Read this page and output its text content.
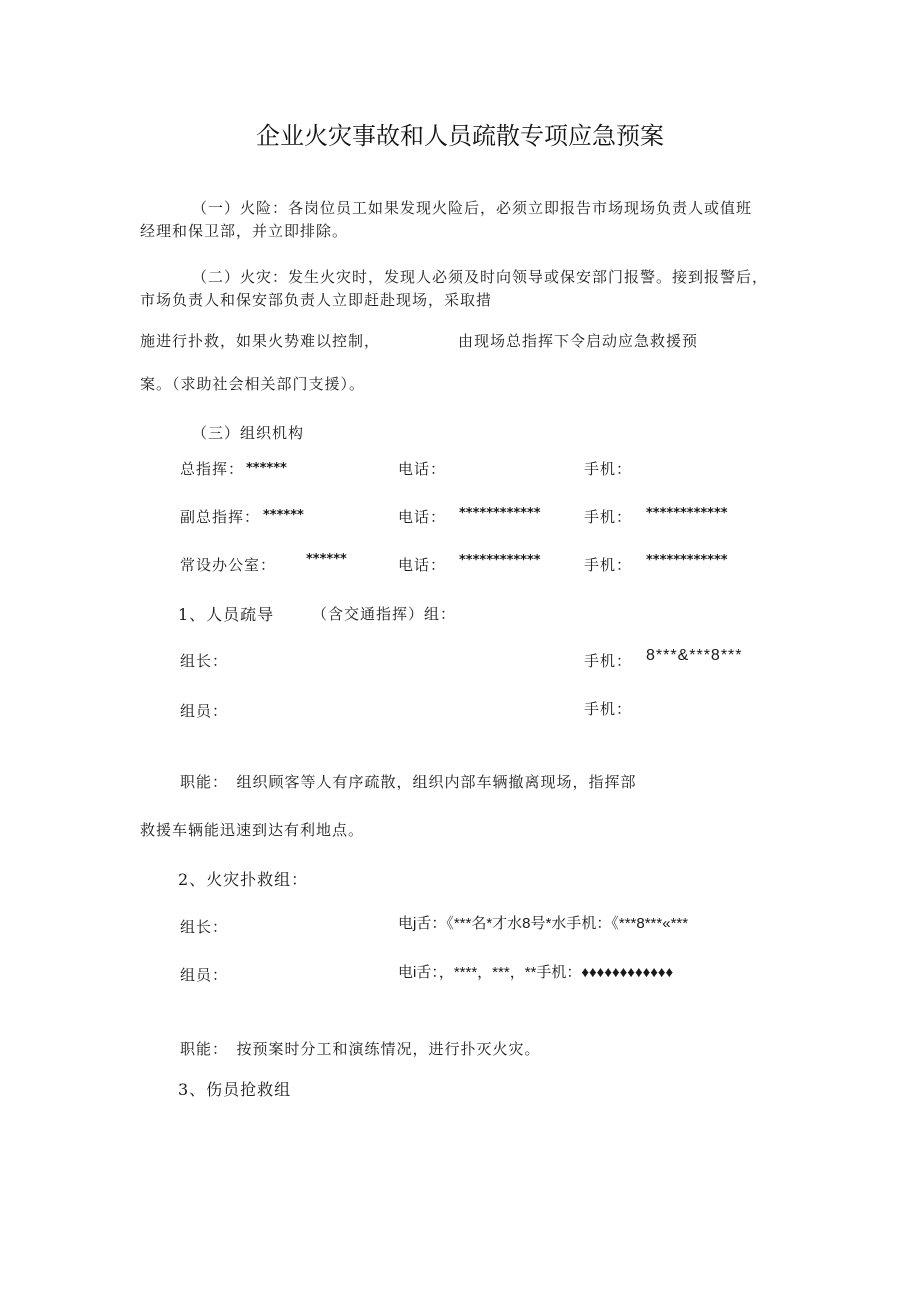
企业火灾事故和人员疏散专项应急预案
（一）火险：各岗位员工如果发现火险后，必须立即报告市场现场负责人或值班
经理和保卫部，并立即排除。
（二）火灾：发生火灾时，发现人必须及时向领导或保安部门报警。接到报警后，
市场负责人和保安部负责人立即赶赴现场，采取措
施进行扑救，如果火势难以控制，	由现场总指挥下令启动应急救援预
案。（求助社会相关部门支援）。
（三）组织机构
总指挥： ******	电话：	手机：
副总指挥： ******	电话： ************	手机： ************
常设办公室： ******	电话： ************	手机： ************
1、人员疏导	（含交通指挥）组：
组长：	手机： 8***&***8***
组员：	手机：
职能：　组织顾客等人有序疏散，组织内部车辆撤离现场，指挥部
救援车辆能迅速到达有利地点。
2、火灾扑救组：
组长：	电j舌：《***名*才水8号*水手机：《***8***«***
组员：	电i舌：，****，***，**手机：♦♦♦♦♦♦♦♦♦♦♦♦
职能：　按预案时分工和演练情况，进行扑灭火灾。
3、伤员抢救组
